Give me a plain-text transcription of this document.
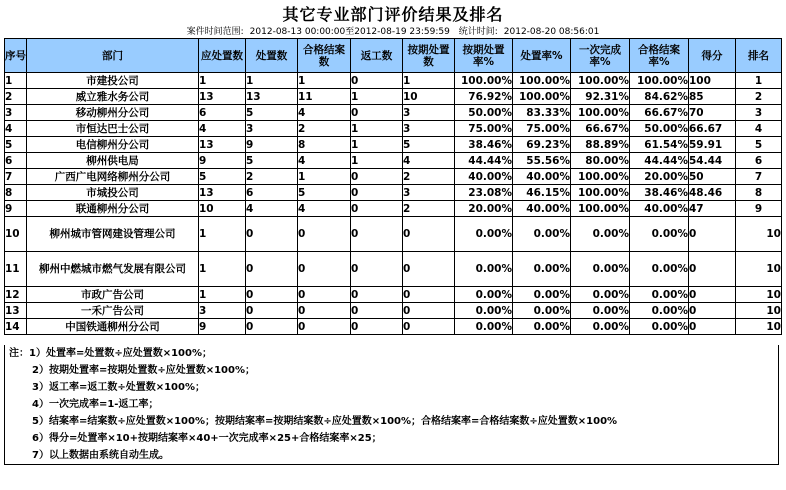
其它专业部门评价结果及排名
案件时间范围: 2012-08-13 00:00:00至2012-08-19 23:59:59 统计时间: 2012-08-20 08:56:01
序号	部门	应处置数	处置数	合格结案数	返工数	按期处置数	按期处置率%	处置率%	一次完成率%	合格结案率%	得分	排名
1	市建投公司	1	1	1	0	1	100.00%	100.00%	100.00%	100.00%	100	1
2	威立雅水务公司	13	13	11	1	10	76.92%	100.00%	92.31%	84.62%	85	2
3	移动柳州分公司	6	5	4	0	3	50.00%	83.33%	100.00%	66.67%	70	3
4	市恒达巴士公司	4	3	2	1	3	75.00%	75.00%	66.67%	50.00%	66.67	4
5	电信柳州分公司	13	9	8	1	5	38.46%	69.23%	88.89%	61.54%	59.91	5
6	柳州供电局	9	5	4	1	4	44.44%	55.56%	80.00%	44.44%	54.44	6
7	广西广电网络柳州分公司	5	2	1	0	2	40.00%	40.00%	100.00%	20.00%	50	7
8	市城投公司	13	6	5	0	3	23.08%	46.15%	100.00%	38.46%	48.46	8
9	联通柳州分公司	10	4	4	0	2	20.00%	40.00%	100.00%	40.00%	47	9
10	柳州城市管网建设管理公司	1	0	0	0	0	0.00%	0.00%	0.00%	0.00%	0	10
11	柳州中燃城市燃气发展有限公司	1	0	0	0	0	0.00%	0.00%	0.00%	0.00%	0	10
12	市政广告公司	1	0	0	0	0	0.00%	0.00%	0.00%	0.00%	0	10
13	一禾广告公司	3	0	0	0	0	0.00%	0.00%	0.00%	0.00%	0	10
14	中国铁通柳州分公司	9	0	0	0	0	0.00%	0.00%	0.00%	0.00%	0	10
注：1）处置率=处置数÷应处置数×100%；
2）按期处置率=按期处置数÷应处置数×100%；
3）返工率=返工数÷处置数×100%；
4）一次完成率=1-返工率；
5）结案率=结案数÷应处置数×100%；按期结案率=按期结案数÷应处置数×100%；合格结案率=合格结案数÷应处置数×100%
6）得分=处置率×10+按期结案率×40+一次完成率×25+合格结案率×25；
7）以上数据由系统自动生成。
